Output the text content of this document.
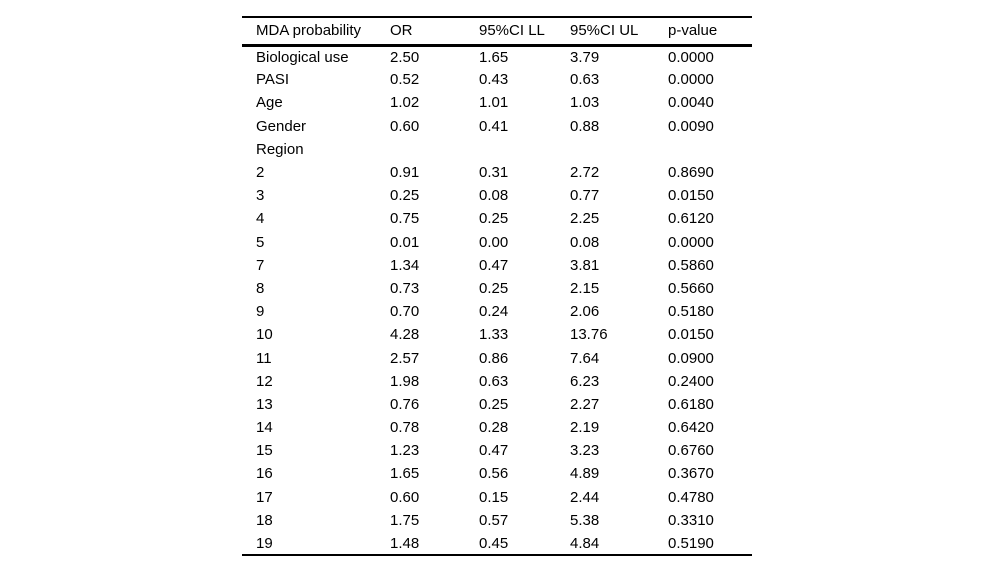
MDA probability	OR	95%CI LL	95%CI UL	p-value
Biological use	2.50	1.65	3.79	0.0000
PASI	0.52	0.43	0.63	0.0000
Age	1.02	1.01	1.03	0.0040
Gender	0.60	0.41	0.88	0.0090
Region				
2	0.91	0.31	2.72	0.8690
3	0.25	0.08	0.77	0.0150
4	0.75	0.25	2.25	0.6120
5	0.01	0.00	0.08	0.0000
7	1.34	0.47	3.81	0.5860
8	0.73	0.25	2.15	0.5660
9	0.70	0.24	2.06	0.5180
10	4.28	1.33	13.76	0.0150
11	2.57	0.86	7.64	0.0900
12	1.98	0.63	6.23	0.2400
13	0.76	0.25	2.27	0.6180
14	0.78	0.28	2.19	0.6420
15	1.23	0.47	3.23	0.6760
16	1.65	0.56	4.89	0.3670
17	0.60	0.15	2.44	0.4780
18	1.75	0.57	5.38	0.3310
19	1.48	0.45	4.84	0.5190
